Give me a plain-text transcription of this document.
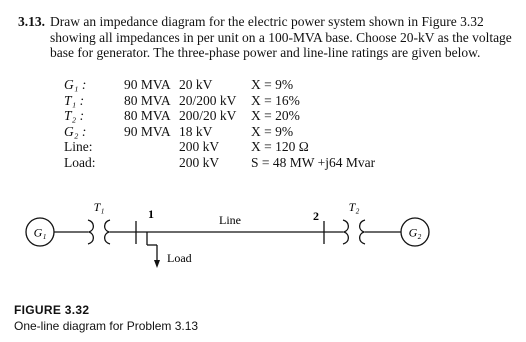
3.13. Draw an impedance diagram for the electric power system shown in Figure 3.32 showing all impedances in per unit on a 100-MVA base. Choose 20-kV as the voltage base for generator. The three-phase power and line-line ratings are given below.
G₁ :	90 MVA	20 kV	X = 9%
T₁ :	80 MVA	20/200 kV	X = 16%
T₂ :	80 MVA	200/20 kV	X = 20%
G₂ :	90 MVA	18 kV	X = 9%
Line:		200 kV	X = 120 Ω
Load:		200 kV	S = 48 MW +j64 Mvar
G₁	G₂
T₁	T₂
1	2
Line
Load
FIGURE 3.32
One-line diagram for Problem 3.13
